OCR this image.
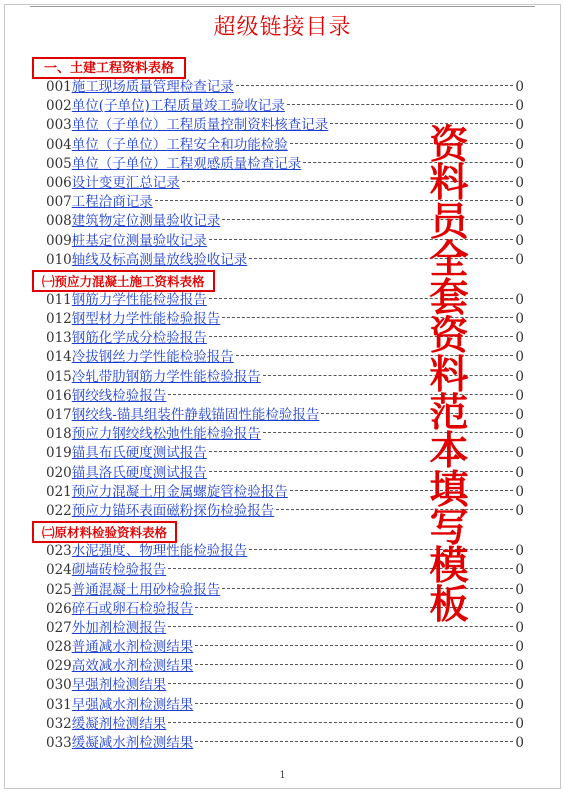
超级链接目录
一、土建工程资料表格
001 施工现场质量管理检查记录	0
002 单位(子单位)工程质量竣工验收记录	0
003 单位（子单位）工程质量控制资料核查记录	0
004 单位（子单位）工程安全和功能检验	0
005 单位（子单位）工程观感质量检查记录	0
006 设计变更汇总记录	0
007 工程洽商记录	0
008 建筑物定位测量验收记录	0
009 桩基定位测量验收记录	0
010 轴线及标高测量放线验收记录	0
㈠预应力混凝土施工资料表格
011 钢筋力学性能检验报告	0
012 钢型材力学性能检验报告	0
013 钢筋化学成分检验报告	0
014 冷拔钢丝力学性能检验报告	0
015 冷轧带肋钢筋力学性能检验报告	0
016 钢绞线检验报告	0
017 钢绞线-锚具组装件静载锚固性能检验报告	0
018 预应力钢绞线松弛性能检验报告	0
019 锚具布氏硬度测试报告	0
020 锚具洛氏硬度测试报告	0
021 预应力混凝土用金属螺旋管检验报告	0
022 预应力锚环表面磁粉探伤检验报告	0
㈡原材料检验资料表格
023 水泥强度、物理性能检验报告	0
024 砌墙砖检验报告	0
025 普通混凝土用砂检验报告	0
026 碎石或卵石检验报告	0
027 外加剂检测报告	0
028 普通减水剂检测结果	0
029 高效减水剂检测结果	0
030 早强剂检测结果	0
031 早强减水剂检测结果	0
032 缓凝剂检测结果	0
033 缓凝减水剂检测结果	0
资
料
员
全
套
资
料
范
本
填
写
模
板
1
